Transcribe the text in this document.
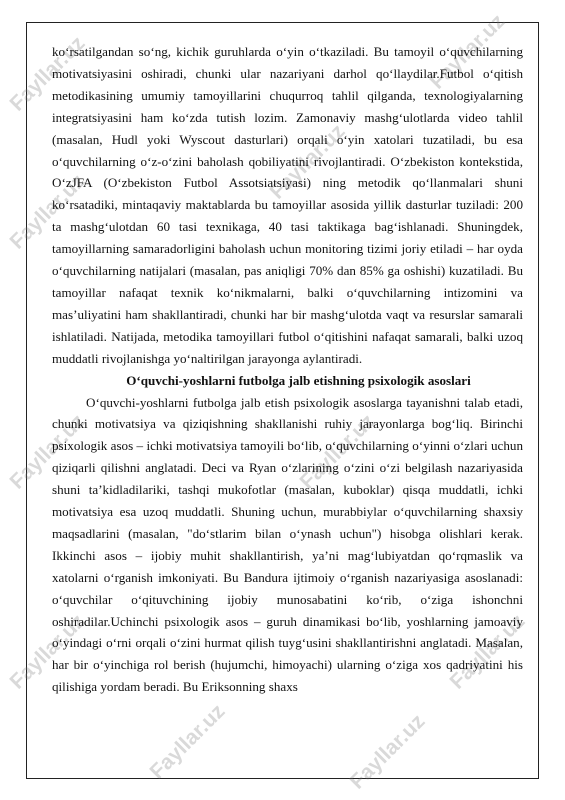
Fayllar.uz
Fayllar.uz
Fayllar.uz
Fayllar.uz
Fayllar.uz
Fayllar.uz
Fayllar.uz
Fayllar.uz
Fayllar.uz
Fayllar.uz

ko‘rsatilgandan so‘ng, kichik guruhlarda o‘yin o‘tkaziladi. Bu tamoyil o‘quvchilarning motivatsiyasini oshiradi, chunki ular nazariyani darhol qo‘llaydilar.Futbol o‘qitish metodikasining umumiy tamoyillarini chuqurroq tahlil qilganda, texnologiyalarning integratsiyasini ham ko‘zda tutish lozim. Zamonaviy mashg‘ulotlarda video tahlil (masalan, Hudl yoki Wyscout dasturlari) orqali o‘yin xatolari tuzatiladi, bu esa o‘quvchilarning o‘z-o‘zini baholash qobiliyatini rivojlantiradi. O‘zbekiston kontekstida, O‘zJFA (O‘zbekiston Futbol Assotsiatsiyasi) ning metodik qo‘llanmalari shuni ko‘rsatadiki, mintaqaviy maktablarda bu tamoyillar asosida yillik dasturlar tuziladi: 200 ta mashg‘ulotdan 60 tasi texnikaga, 40 tasi taktikaga bag‘ishlanadi. Shuningdek, tamoyillarning samaradorligini baholash uchun monitoring tizimi joriy etiladi – har oyda o‘quvchilarning natijalari (masalan, pas aniqligi 70% dan 85% ga oshishi) kuzatiladi. Bu tamoyillar nafaqat texnik ko‘nikmalarni, balki o‘quvchilarning intizomini va mas’uliyatini ham shakllantiradi, chunki har bir mashg‘ulotda vaqt va resurslar samarali ishlatiladi. Natijada, metodika tamoyillari futbol o‘qitishini nafaqat samarali, balki uzoq muddatli rivojlanishga yo‘naltirilgan jarayonga aylantiradi.

O‘quvchi-yoshlarni futbolga jalb etishning psixologik asoslari

O‘quvchi-yoshlarni futbolga jalb etish psixologik asoslarga tayanishni talab etadi, chunki motivatsiya va qiziqishning shakllanishi ruhiy jarayonlarga bog‘liq. Birinchi psixologik asos – ichki motivatsiya tamoyili bo‘lib, o‘quvchilarning o‘yinni o‘zlari uchun qiziqarli qilishni anglatadi. Deci va Ryan o‘zlarining o‘zini o‘zi belgilash nazariyasida shuni ta’kidladilariki, tashqi mukofotlar (masalan, kuboklar) qisqa muddatli, ichki motivatsiya esa uzoq muddatli. Shuning uchun, murabbiylar o‘quvchilarning shaxsiy maqsadlarini (masalan, "do‘stlarim bilan o‘ynash uchun") hisobga olishlari kerak. Ikkinchi asos – ijobiy muhit shakllantirish, ya’ni mag‘lubiyatdan qo‘rqmaslik va xatolarni o‘rganish imkoniyati. Bu Bandura ijtimoiy o‘rganish nazariyasiga asoslanadi: o‘quvchilar o‘qituvchining ijobiy munosabatini ko‘rib, o‘ziga ishonchni oshiradilar.Uchinchi psixologik asos – guruh dinamikasi bo‘lib, yoshlarning jamoaviy o‘yindagi o‘rni orqali o‘zini hurmat qilish tuyg‘usini shakllantirishni anglatadi. Masalan, har bir o‘yinchiga rol berish (hujumchi, himoyachi) ularning o‘ziga xos qadriyatini his qilishiga yordam beradi. Bu Eriksonning shaxs
